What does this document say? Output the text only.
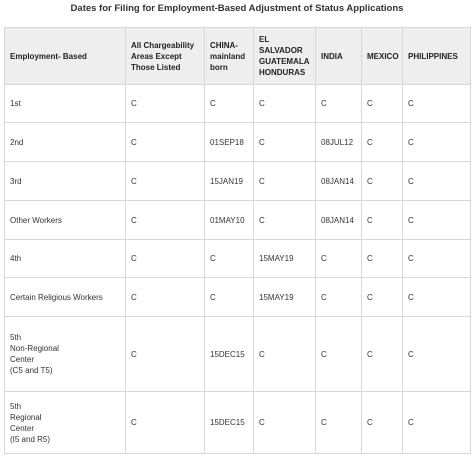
Dates for Filing for Employment-Based Adjustment of Status Applications
Employment- Based	All Chargeability
Areas Except
Those Listed	CHINA-
mainland
born	EL SALVADOR
GUATEMALA
HONDURAS	INDIA	MEXICO	PHILIPPINES
1st	C	C	C	C	C	C
2nd	C	01SEP18	C	08JUL12	C	C
3rd	C	15JAN19	C	08JAN14	C	C
Other Workers	C	01MAY10	C	08JAN14	C	C
4th	C	C	15MAY19	C	C	C
Certain Religious Workers	C	C	15MAY19	C	C	C
5th
Non-Regional
Center
(C5 and T5)	C	15DEC15	C	C	C	C
5th
Regional
Center
(I5 and R5)	C	15DEC15	C	C	C	C
